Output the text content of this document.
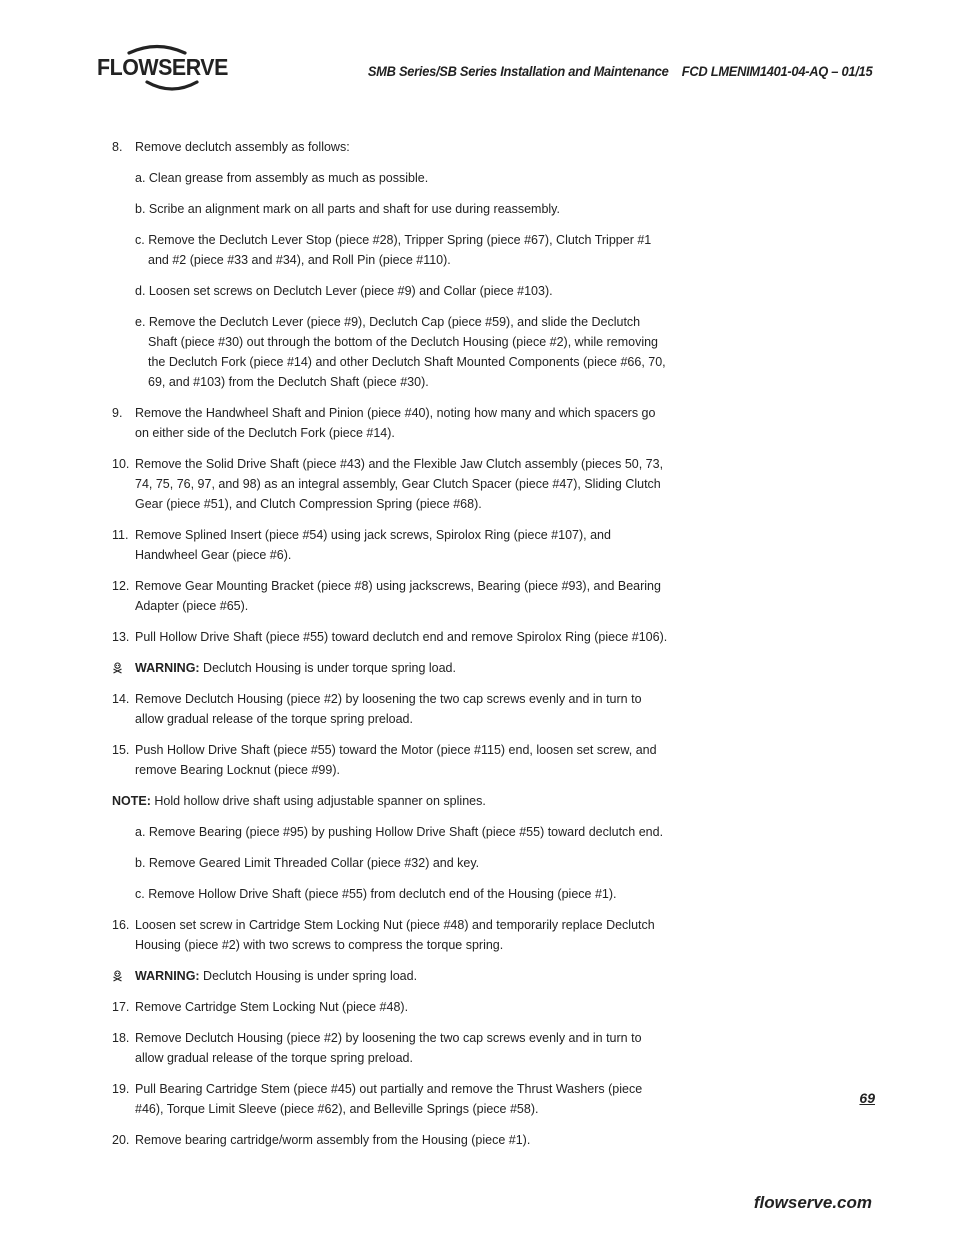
FLOWSERVE	SMB Series/SB Series Installation and Maintenance    FCD LMENIM1401-04-AQ – 01/15
8. Remove declutch assembly as follows:
a. Clean grease from assembly as much as possible.
b. Scribe an alignment mark on all parts and shaft for use during reassembly.
c. Remove the Declutch Lever Stop (piece #28), Tripper Spring (piece #67), Clutch Tripper #1 and #2 (piece #33 and #34), and Roll Pin (piece #110).
d. Loosen set screws on Declutch Lever (piece #9) and Collar (piece #103).
e. Remove the Declutch Lever (piece #9), Declutch Cap (piece #59), and slide the Declutch Shaft (piece #30) out through the bottom of the Declutch Housing (piece #2), while removing the Declutch Fork (piece #14) and other Declutch Shaft Mounted Components (piece #66, 70, 69, and #103) from the Declutch Shaft (piece #30).
9. Remove the Handwheel Shaft and Pinion (piece #40), noting how many and which spacers go on either side of the Declutch Fork (piece #14).
10. Remove the Solid Drive Shaft (piece #43) and the Flexible Jaw Clutch assembly (pieces 50, 73, 74, 75, 76, 97, and 98) as an integral assembly, Gear Clutch Spacer (piece #47), Sliding Clutch Gear (piece #51), and Clutch Compression Spring (piece #68).
11. Remove Splined Insert (piece #54) using jack screws, Spirolox Ring (piece #107), and Handwheel Gear (piece #6).
12. Remove Gear Mounting Bracket (piece #8) using jackscrews, Bearing (piece #93), and Bearing Adapter (piece #65).
13. Pull Hollow Drive Shaft (piece #55) toward declutch end and remove Spirolox Ring (piece #106).
WARNING: Declutch Housing is under torque spring load.
14. Remove Declutch Housing (piece #2) by loosening the two cap screws evenly and in turn to allow gradual release of the torque spring preload.
15. Push Hollow Drive Shaft (piece #55) toward the Motor (piece #115) end, loosen set screw, and remove Bearing Locknut (piece #99).
NOTE: Hold hollow drive shaft using adjustable spanner on splines.
a. Remove Bearing (piece #95) by pushing Hollow Drive Shaft (piece #55) toward declutch end.
b. Remove Geared Limit Threaded Collar (piece #32) and key.
c. Remove Hollow Drive Shaft (piece #55) from declutch end of the Housing (piece #1).
16. Loosen set screw in Cartridge Stem Locking Nut (piece #48) and temporarily replace Declutch Housing (piece #2) with two screws to compress the torque spring.
WARNING: Declutch Housing is under spring load.
17. Remove Cartridge Stem Locking Nut (piece #48).
18. Remove Declutch Housing (piece #2) by loosening the two cap screws evenly and in turn to allow gradual release of the torque spring preload.
19. Pull Bearing Cartridge Stem (piece #45) out partially and remove the Thrust Washers (piece #46), Torque Limit Sleeve (piece #62), and Belleville Springs (piece #58).
20. Remove bearing cartridge/worm assembly from the Housing (piece #1).
69
flowserve.com
